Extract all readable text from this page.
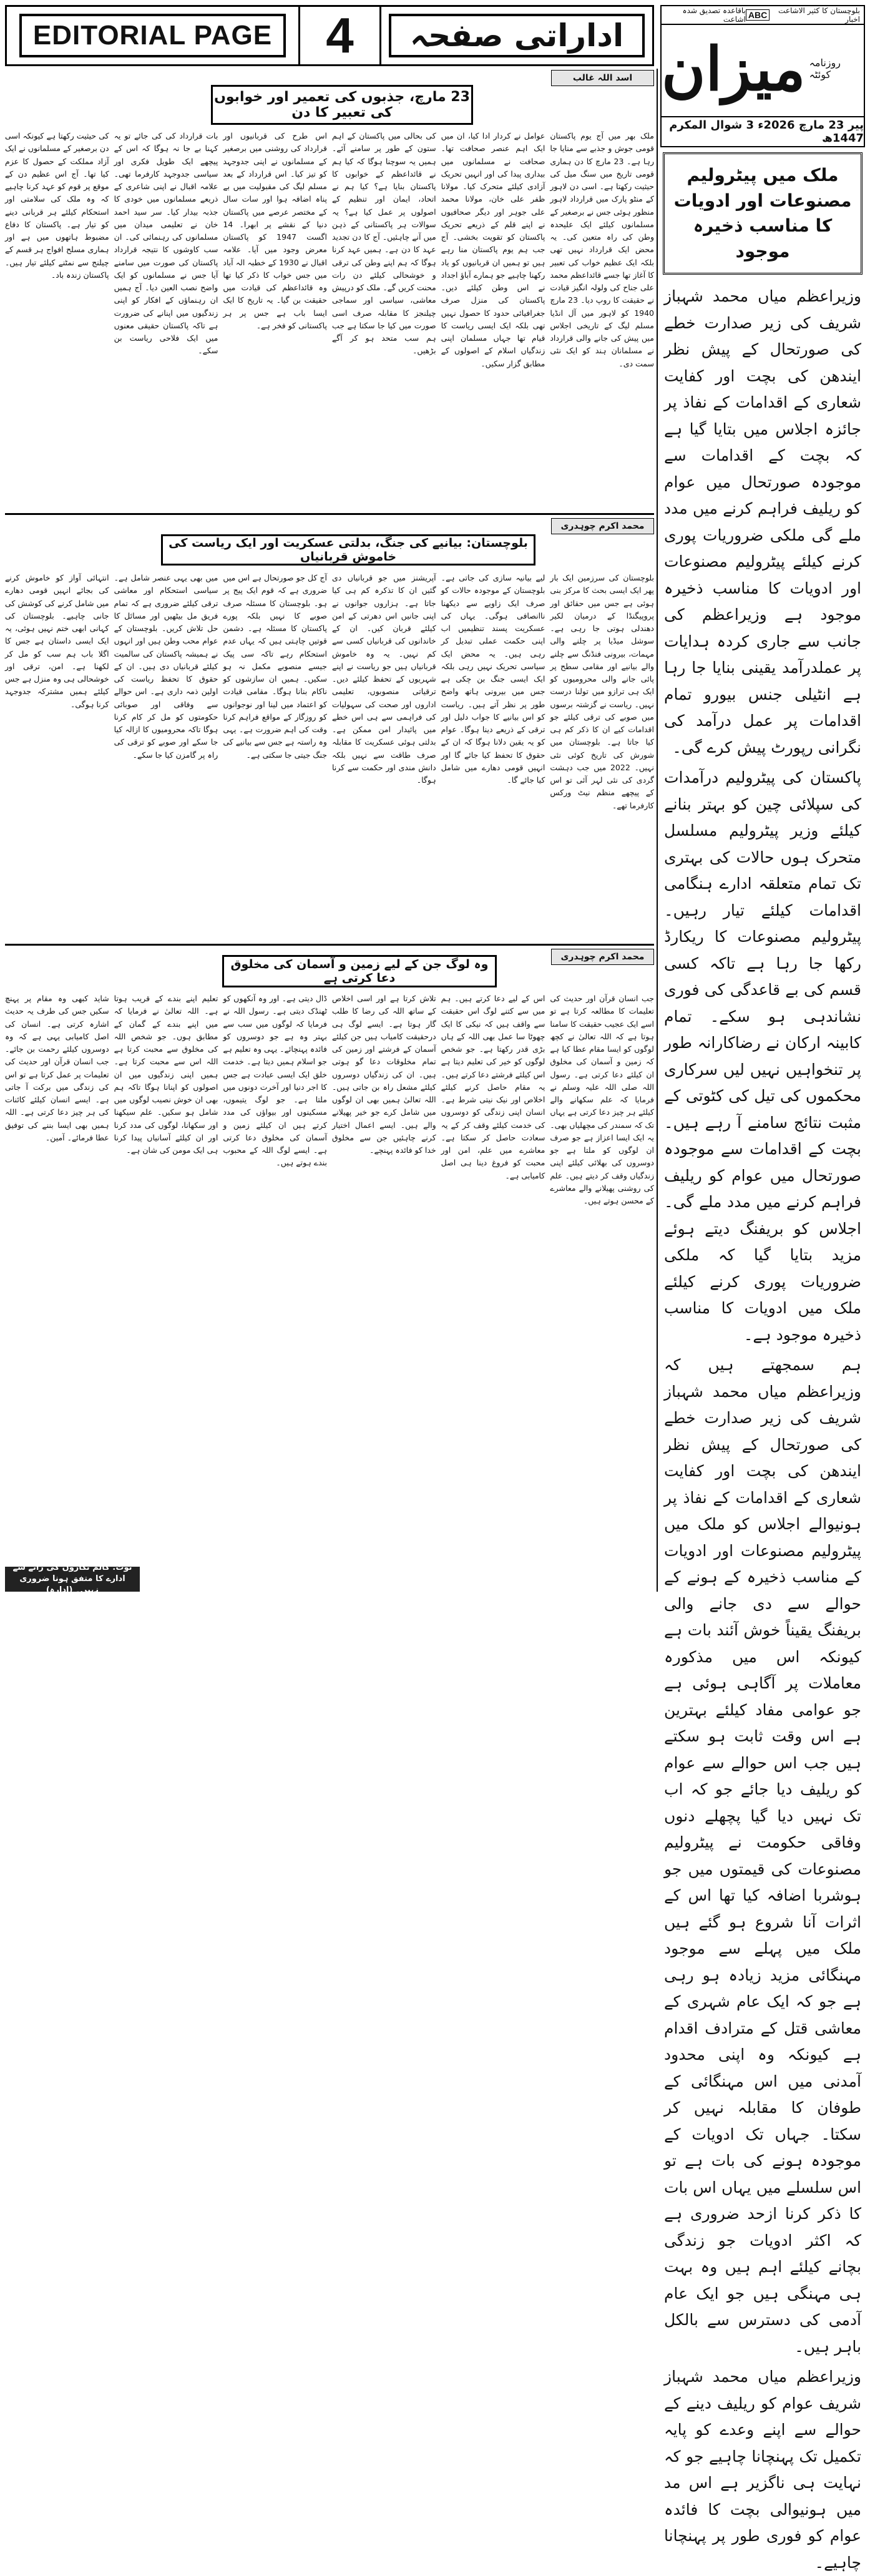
EDITORIAL PAGE	4	اداراتی صفحہ
بلوچستان کا کثیر الاشاعت اخبار
ABC
باقاعدہ تصدیق شدہ اشاعت
میزان روزنامہ کوئٹہ
پیر 23 مارچ 2026ء 3 شوال المکرم 1447ھ
ملک میں پیٹرولیم مصنوعات اور ادویات کا مناسب ذخیرہ موجود

وزیراعظم میاں محمد شہباز شریف کی زیر صدارت خطے کی صورتحال کے پیش نظر ایندھن کی بچت اور کفایت شعاری کے اقدامات کے نفاذ پر جائزہ اجلاس میں بتایا گیا ہے کہ بچت کے اقدامات سے موجودہ صورتحال میں عوام کو ریلیف فراہم کرنے میں مدد ملے گی ملکی ضروریات پوری کرنے کیلئے پیٹرولیم مصنوعات اور ادویات کا مناسب ذخیرہ موجود ہے وزیراعظم کی جانب سے جاری کردہ ہدایات پر عملدرآمد یقینی بنایا جا رہا ہے انٹیلی جنس بیورو تمام اقدامات پر عمل درآمد کی نگرانی رپورٹ پیش کرے گی۔

پاکستان کی پیٹرولیم درآمدات کی سپلائی چین کو بہتر بنانے کیلئے وزیر پیٹرولیم مسلسل متحرک ہوں حالات کی بہتری تک تمام متعلقہ ادارے ہنگامی اقدامات کیلئے تیار رہیں۔ پیٹرولیم مصنوعات کا ریکارڈ رکھا جا رہا ہے تاکہ کسی قسم کی بے قاعدگی کی فوری نشاندہی ہو سکے۔ تمام کابینہ ارکان نے رضاکارانہ طور پر تنخواہیں نہیں لیں سرکاری محکموں کی تیل کی کٹوتی کے مثبت نتائج سامنے آ رہے ہیں۔ بچت کے اقدامات سے موجودہ صورتحال میں عوام کو ریلیف فراہم کرنے میں مدد ملے گی۔ اجلاس کو بریفنگ دیتے ہوئے مزید بتایا گیا کہ ملکی ضروریات پوری کرنے کیلئے ملک میں ادویات کا مناسب ذخیرہ موجود ہے۔

ہم سمجھتے ہیں کہ وزیراعظم میاں محمد شہباز شریف کی زیر صدارت خطے کی صورتحال کے پیش نظر ایندھن کی بچت اور کفایت شعاری کے اقدامات کے نفاذ پر ہونیوالے اجلاس کو ملک میں پیٹرولیم مصنوعات اور ادویات کے مناسب ذخیرہ کے ہونے کے حوالے سے دی جانے والی بریفنگ یقیناً خوش آئند بات ہے کیونکہ اس میں مذکورہ معاملات پر آگاہی ہوئی ہے جو عوامی مفاد کیلئے بہترین ہے اس وقت ثابت ہو سکتے ہیں جب اس حوالے سے عوام کو ریلیف دیا جائے جو کہ اب تک نہیں دیا گیا پچھلے دنوں وفاقی حکومت نے پیٹرولیم مصنوعات کی قیمتوں میں جو ہوشربا اضافہ کیا تھا اس کے اثرات آنا شروع ہو گئے ہیں ملک میں پہلے سے موجود مہنگائی مزید زیادہ ہو رہی ہے جو کہ ایک عام شہری کے معاشی قتل کے مترادف اقدام ہے کیونکہ وہ اپنی محدود آمدنی میں اس مہنگائی کے طوفان کا مقابلہ نہیں کر سکتا۔ جہاں تک ادویات کے موجودہ ہونے کی بات ہے تو اس سلسلے میں یہاں اس بات کا ذکر کرنا ازحد ضروری ہے کہ اکثر ادویات جو زندگی بچانے کیلئے اہم ہیں وہ بہت ہی مہنگی ہیں جو ایک عام آدمی کی دسترس سے بالکل باہر ہیں۔

وزیراعظم میاں محمد شہباز شریف عوام کو ریلیف دینے کے حوالے سے اپنے وعدے کو پایہ تکمیل تک پہنچانا چاہیے جو کہ نہایت ہی ناگزیر ہے اس مد میں ہونیوالی بچت کا فائدہ عوام کو فوری طور پر پہنچانا چاہیے۔

اسد اللہ غالب
23 مارچ، جذبوں کی تعمیر اور خوابوں کی تعبیر کا دن
ملک بھر میں آج یوم پاکستان قومی جوش و جذبے سے منایا جا رہا ہے۔ 23 مارچ کا دن ہماری قومی تاریخ میں سنگ میل کی حیثیت رکھتا ہے۔ اسی دن لاہور کے منٹو پارک میں قرارداد لاہور منظور ہوئی جس نے برصغیر کے مسلمانوں کیلئے ایک علیحدہ وطن کی راہ متعین کی۔ یہ محض ایک قرارداد نہیں تھی بلکہ ایک عظیم خواب کی تعبیر کا آغاز تھا جسے قائداعظم محمد علی جناح کی ولولہ انگیز قیادت نے حقیقت کا روپ دیا۔ 23 مارچ 1940 کو لاہور میں آل انڈیا مسلم لیگ کے تاریخی اجلاس میں پیش کی جانے والی قرارداد نے مسلمانان ہند کو ایک نئی سمت دی۔
عوامل نے کردار ادا کیا، ان میں ایک اہم عنصر صحافت تھا۔ صحافت نے مسلمانوں میں بیداری پیدا کی اور انہیں تحریک آزادی کیلئے متحرک کیا۔ مولانا ظفر علی خان، مولانا محمد علی جوہر اور دیگر صحافیوں نے اپنے قلم کے ذریعے تحریک پاکستان کو تقویت بخشی۔ آج جب ہم یوم پاکستان منا رہے ہیں تو ہمیں ان قربانیوں کو یاد رکھنا چاہیے جو ہمارے آباؤ اجداد نے اس وطن کیلئے دیں۔ پاکستان کی منزل صرف جغرافیائی حدود کا حصول نہیں تھی بلکہ ایک ایسی ریاست کا قیام تھا جہاں مسلمان اپنی زندگیاں اسلام کے اصولوں کے مطابق گزار سکیں۔
کی بحالی میں پاکستان کے اہم ستون کے طور پر سامنے آئے۔ ہمیں یہ سوچنا ہوگا کہ کیا ہم نے قائداعظم کے خوابوں کا پاکستان بنایا ہے؟ کیا ہم نے اتحاد، ایمان اور تنظیم کے اصولوں پر عمل کیا ہے؟ یہ سوالات ہر پاکستانی کے ذہن میں آنے چاہئیں۔ آج کا دن تجدید عہد کا دن ہے۔ ہمیں عہد کرنا ہوگا کہ ہم اپنے وطن کی ترقی و خوشحالی کیلئے دن رات محنت کریں گے۔ ملک کو درپیش معاشی، سیاسی اور سماجی چیلنجز کا مقابلہ صرف اسی صورت میں کیا جا سکتا ہے جب ہم سب متحد ہو کر آگے بڑھیں۔
اس طرح کی قربانیوں اور قرارداد کی روشنی میں برصغیر کے مسلمانوں نے اپنی جدوجہد کو تیز کیا۔ اس قرارداد کے بعد مسلم لیگ کی مقبولیت میں بے پناہ اضافہ ہوا اور سات سال کے مختصر عرصے میں پاکستان دنیا کے نقشے پر ابھرا۔ 14 اگست 1947 کو پاکستان معرض وجود میں آیا۔ علامہ اقبال نے 1930 کے خطبہ الہ آباد میں جس خواب کا ذکر کیا تھا وہ قائداعظم کی قیادت میں حقیقت بن گیا۔ یہ تاریخ کا ایک ایسا باب ہے جس پر ہر پاکستانی کو فخر ہے۔
بات قرارداد کی کی جائے تو یہ کہنا بے جا نہ ہوگا کہ اس کے پیچھے ایک طویل فکری اور سیاسی جدوجہد کارفرما تھی۔ علامہ اقبال نے اپنی شاعری کے ذریعے مسلمانوں میں خودی کا جذبہ بیدار کیا۔ سر سید احمد خان نے تعلیمی میدان میں مسلمانوں کی رہنمائی کی۔ ان سب کاوشوں کا نتیجہ قرارداد پاکستان کی صورت میں سامنے آیا جس نے مسلمانوں کو ایک واضح نصب العین دیا۔ آج ہمیں ان رہنماؤں کے افکار کو اپنی زندگیوں میں اپنانے کی ضرورت ہے تاکہ پاکستان حقیقی معنوں میں ایک فلاحی ریاست بن سکے۔
کی حیثیت رکھتا ہے کیونکہ اسی دن برصغیر کے مسلمانوں نے ایک آزاد مملکت کے حصول کا عزم کیا تھا۔ آج اس عظیم دن کے موقع پر قوم کو عہد کرنا چاہیے کہ وہ ملک کی سلامتی اور استحکام کیلئے ہر قربانی دینے کو تیار ہے۔ پاکستان کا دفاع مضبوط ہاتھوں میں ہے اور ہماری مسلح افواج ہر قسم کے چیلنج سے نمٹنے کیلئے تیار ہیں۔ پاکستان زندہ باد۔
محمد اکرم چوہدری
بلوچستان: بیانیے کی جنگ، بدلتی عسکریت اور ایک ریاست کی خاموش قربانیاں
بلوچستان کی سرزمین ایک بار پھر ایک ایسی بحث کا مرکز بنی ہوئی ہے جس میں حقائق اور پروپیگنڈا کے درمیان لکیر دھندلی ہوتی جا رہی ہے۔ سوشل میڈیا پر چلنے والی مہمات، بیرونی فنڈنگ سے چلنے والے بیانیے اور مقامی سطح پر پائی جانے والی محرومیوں کو ایک ہی ترازو میں تولنا درست نہیں۔ ریاست نے گزشتہ برسوں میں صوبے کی ترقی کیلئے جو اقدامات کیے ان کا ذکر کم ہی کیا جاتا ہے۔ بلوچستان میں شورش کی تاریخ کوئی نئی نہیں۔ 2022 میں جب دہشت گردی کی نئی لہر آئی تو اس کے پیچھے منظم نیٹ ورکس کارفرما تھے۔
لیے بیانیہ سازی کی جاتی ہے۔ بلوچستان کے موجودہ حالات کو صرف ایک زاویے سے دیکھنا ناانصافی ہوگی۔ یہاں کی عسکریت پسند تنظیمیں اب اپنی حکمت عملی تبدیل کر رہی ہیں۔ یہ محض ایک سیاسی تحریک نہیں رہی بلکہ ایک ایسی جنگ بن چکی ہے جس میں بیرونی ہاتھ واضح طور پر نظر آتے ہیں۔ ریاست کو اس بیانیے کا جواب دلیل اور ترقی کے ذریعے دینا ہوگا۔ عوام کو یہ یقین دلانا ہوگا کہ ان کے حقوق کا تحفظ کیا جائے گا اور انہیں قومی دھارے میں شامل کیا جائے گا۔
آپریشنز میں جو قربانیاں دی گئیں ان کا تذکرہ کم ہی کیا جاتا ہے۔ ہزاروں جوانوں نے اپنی جانیں اس دھرتی کے امن کیلئے قربان کیں۔ ان کے خاندانوں کی قربانیاں کسی سے کم نہیں۔ یہ وہ خاموش قربانیاں ہیں جو ریاست نے اپنے شہریوں کے تحفظ کیلئے دیں۔ ترقیاتی منصوبوں، تعلیمی اداروں اور صحت کی سہولیات کی فراہمی سے ہی اس خطے میں پائیدار امن ممکن ہے۔ بدلتی ہوئی عسکریت کا مقابلہ صرف طاقت سے نہیں بلکہ دانش مندی اور حکمت سے کرنا ہوگا۔
آج کل جو صورتحال ہے اس میں ضروری ہے کہ قوم ایک پیج پر ہو۔ بلوچستان کا مسئلہ صرف صوبے کا نہیں بلکہ پورے پاکستان کا مسئلہ ہے۔ دشمن قوتیں چاہتی ہیں کہ یہاں عدم استحکام رہے تاکہ سی پیک جیسے منصوبے مکمل نہ ہو سکیں۔ ہمیں ان سازشوں کو ناکام بنانا ہوگا۔ مقامی قیادت کو اعتماد میں لینا اور نوجوانوں کو روزگار کے مواقع فراہم کرنا وقت کی اہم ضرورت ہے۔ یہی وہ راستہ ہے جس سے بیانیے کی جنگ جیتی جا سکتی ہے۔
میں بھی یہی عنصر شامل ہے۔ سیاسی استحکام اور معاشی ترقی کیلئے ضروری ہے کہ تمام فریق مل بیٹھیں اور مسائل کا حل تلاش کریں۔ بلوچستان کے عوام محب وطن ہیں اور انہوں نے ہمیشہ پاکستان کی سالمیت کیلئے قربانیاں دی ہیں۔ ان کے حقوق کا تحفظ ریاست کی اولین ذمہ داری ہے۔ اس حوالے سے وفاقی اور صوبائی حکومتوں کو مل کر کام کرنا ہوگا تاکہ محرومیوں کا ازالہ کیا جا سکے اور صوبے کو ترقی کی راہ پر گامزن کیا جا سکے۔
انتہائی آواز کو خاموش کرنے کی بجائے انہیں قومی دھارے میں شامل کرنے کی کوشش کی جانی چاہیے۔ بلوچستان کی کہانی ابھی ختم نہیں ہوئی، یہ ایک ایسی داستان ہے جس کا اگلا باب ہم سب کو مل کر لکھنا ہے۔ امن، ترقی اور خوشحالی ہی وہ منزل ہے جس کیلئے ہمیں مشترکہ جدوجہد کرنا ہوگی۔
محمد اکرم چوہدری
وہ لوگ جن کے لیے زمین و آسمان کی مخلوق دعا کرتی ہے
جب انسان قرآن اور حدیث کی تعلیمات کا مطالعہ کرتا ہے تو اسے ایک عجیب حقیقت کا سامنا ہوتا ہے کہ اللہ تعالیٰ نے کچھ لوگوں کو ایسا مقام عطا کیا ہے کہ زمین و آسمان کی مخلوق ان کیلئے دعا کرتی ہے۔ رسول اللہ صلی اللہ علیہ وسلم نے فرمایا کہ علم سکھانے والے کیلئے ہر چیز دعا کرتی ہے یہاں تک کہ سمندر کی مچھلیاں بھی۔ یہ ایک ایسا اعزاز ہے جو صرف ان لوگوں کو ملتا ہے جو دوسروں کی بھلائی کیلئے اپنی زندگیاں وقف کر دیتے ہیں۔ علم کی روشنی پھیلانے والے معاشرے کے محسن ہوتے ہیں۔
اس کے لیے دعا کرتے ہیں۔ ہم میں سے کتنے لوگ اس حقیقت سے واقف ہیں کہ نیکی کا ایک چھوٹا سا عمل بھی اللہ کے ہاں بڑی قدر رکھتا ہے۔ جو شخص لوگوں کو خیر کی تعلیم دیتا ہے اس کیلئے فرشتے دعا کرتے ہیں۔ یہ مقام حاصل کرنے کیلئے اخلاص اور نیک نیتی شرط ہے۔ انسان اپنی زندگی کو دوسروں کی خدمت کیلئے وقف کر کے یہ سعادت حاصل کر سکتا ہے۔ معاشرے میں علم، امن اور محبت کو فروغ دینا ہی اصل کامیابی ہے۔
تلاش کرتا ہے اور اسی اخلاص کے ساتھ اللہ کی رضا کا طلب گار ہوتا ہے۔ ایسے لوگ ہی درحقیقت کامیاب ہیں جن کیلئے آسمان کے فرشتے اور زمین کی تمام مخلوقات دعا گو ہوتی ہیں۔ ان کی زندگیاں دوسروں کیلئے مشعل راہ بن جاتی ہیں۔ اللہ تعالیٰ ہمیں بھی ان لوگوں میں شامل کرے جو خیر پھیلانے والے ہیں۔ ایسے اعمال اختیار کرنے چاہئیں جن سے مخلوق خدا کو فائدہ پہنچے۔
ڈال دیتی ہے۔ اور وہ آنکھوں کو ٹھنڈک دیتی ہے۔ رسول اللہ نے فرمایا کہ لوگوں میں سب سے بہتر وہ ہے جو دوسروں کو فائدہ پہنچائے۔ یہی وہ تعلیم ہے جو اسلام ہمیں دیتا ہے۔ خدمت خلق ایک ایسی عبادت ہے جس کا اجر دنیا اور آخرت دونوں میں ملتا ہے۔ جو لوگ یتیموں، مسکینوں اور بیواؤں کی مدد کرتے ہیں ان کیلئے زمین و آسمان کی مخلوق دعا کرتی ہے۔ ایسے لوگ اللہ کے محبوب بندے ہوتے ہیں۔
تعلیم اپنے بندے کے قریب ہوتا ہے۔ اللہ تعالیٰ نے فرمایا کہ میں اپنے بندے کے گمان کے مطابق ہوں۔ جو شخص اللہ کی مخلوق سے محبت کرتا ہے اللہ اس سے محبت کرتا ہے۔ ہمیں اپنی زندگیوں میں ان اصولوں کو اپنانا ہوگا تاکہ ہم بھی ان خوش نصیب لوگوں میں شامل ہو سکیں۔ علم سیکھنا اور سکھانا، لوگوں کی مدد کرنا اور ان کیلئے آسانیاں پیدا کرنا ہی ایک مومن کی شان ہے۔
شاید کبھی وہ مقام پر پہنچ سکیں جس کی طرف یہ حدیث اشارہ کرتی ہے۔ انسان کی اصل کامیابی یہی ہے کہ وہ دوسروں کیلئے رحمت بن جائے۔ جب انسان قرآن اور حدیث کی تعلیمات پر عمل کرتا ہے تو اس کی زندگی میں برکت آ جاتی ہے۔ ایسے انسان کیلئے کائنات کی ہر چیز دعا کرتی ہے۔ اللہ ہمیں بھی ایسا بننے کی توفیق عطا فرمائے۔ آمین۔
نوٹ: کالم نگاروں کی رائے سے ادارے کا متفق ہونا ضروری نہیں۔ (ادارہ)
